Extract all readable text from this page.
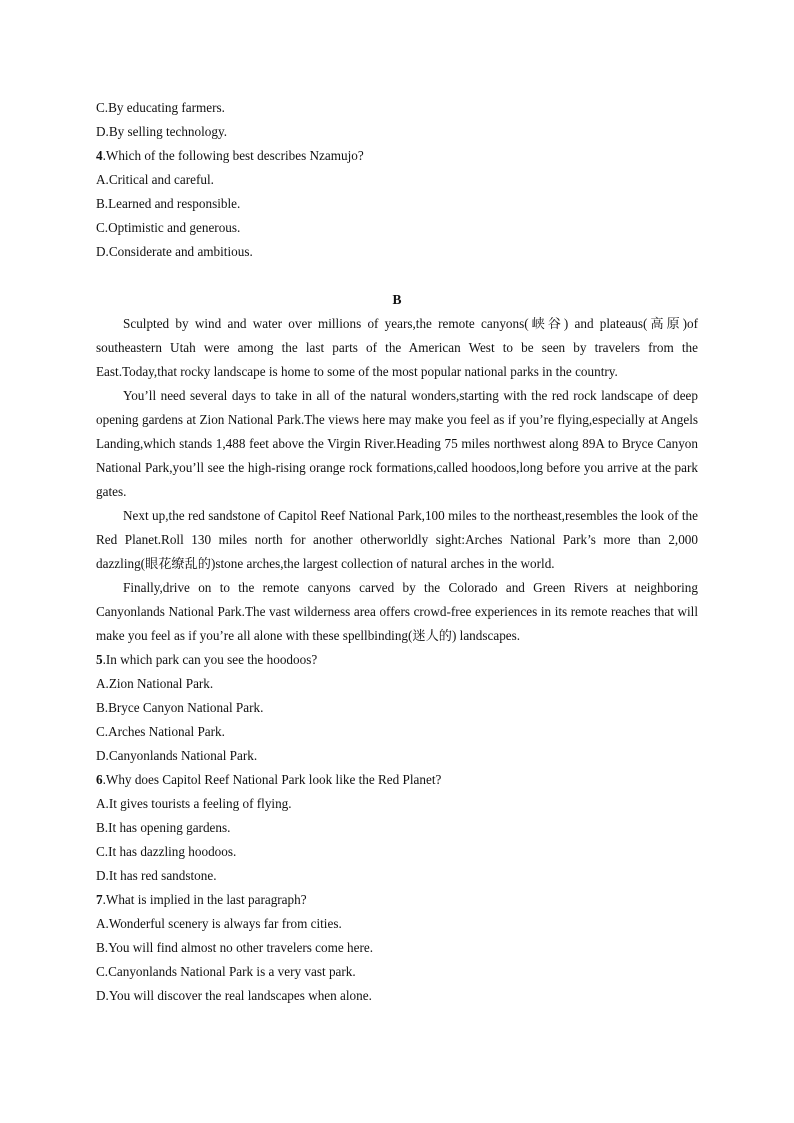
C.By educating farmers.
D.By selling technology.
4.Which of the following best describes Nzamujo?
A.Critical and careful.
B.Learned and responsible.
C.Optimistic and generous.
D.Considerate and ambitious.
B
Sculpted by wind and water over millions of years,the remote canyons(峡谷) and plateaus(高原)of southeastern Utah were among the last parts of the American West to be seen by travelers from the East.Today,that rocky landscape is home to some of the most popular national parks in the country.
You’ll need several days to take in all of the natural wonders,starting with the red rock landscape of deep opening gardens at Zion National Park.The views here may make you feel as if you’re flying,especially at Angels Landing,which stands 1,488 feet above the Virgin River.Heading 75 miles northwest along 89A to Bryce Canyon National Park,you’ll see the high-rising orange rock formations,called hoodoos,long before you arrive at the park gates.
Next up,the red sandstone of Capitol Reef National Park,100 miles to the northeast,resembles the look of the Red Planet.Roll 130 miles north for another otherworldly sight:Arches National Park’s more than 2,000 dazzling(眼花缭乱的)stone arches,the largest collection of natural arches in the world.
Finally,drive on to the remote canyons carved by the Colorado and Green Rivers at neighboring Canyonlands National Park.The vast wilderness area offers crowd-free experiences in its remote reaches that will make you feel as if you’re all alone with these spellbinding(迷人的) landscapes.
5.In which park can you see the hoodoos?
A.Zion National Park.
B.Bryce Canyon National Park.
C.Arches National Park.
D.Canyonlands National Park.
6.Why does Capitol Reef National Park look like the Red Planet?
A.It gives tourists a feeling of flying.
B.It has opening gardens.
C.It has dazzling hoodoos.
D.It has red sandstone.
7.What is implied in the last paragraph?
A.Wonderful scenery is always far from cities.
B.You will find almost no other travelers come here.
C.Canyonlands National Park is a very vast park.
D.You will discover the real landscapes when alone.
